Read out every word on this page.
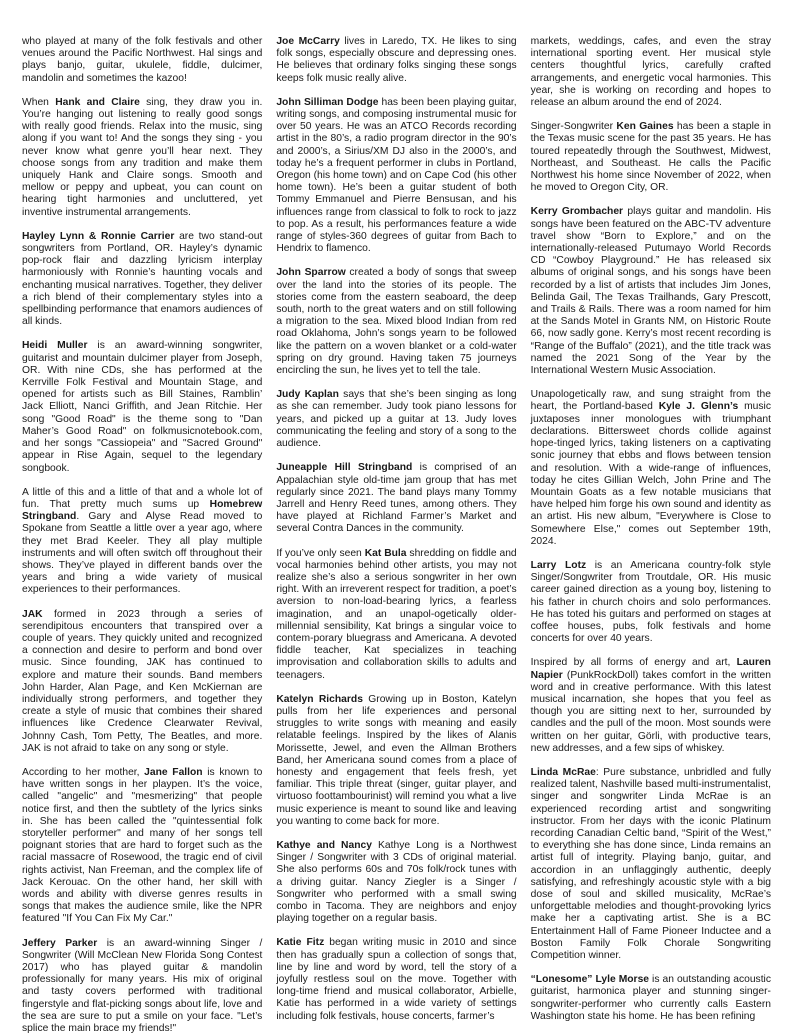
who played at many of the folk festivals and other venues around the Pacific Northwest. Hal sings and plays banjo, guitar, ukulele, fiddle, dulcimer, mandolin and sometimes the kazoo!

When Hank and Claire sing, they draw you in. You’re hanging out listening to really good songs with really good friends. Relax into the music, sing along if you want to! And the songs they sing - you never know what genre you’ll hear next. They choose songs from any tradition and make them uniquely Hank and Claire songs. Smooth and mellow or peppy and upbeat, you can count on hearing tight harmonies and uncluttered, yet inventive instrumental arrangements.

Hayley Lynn & Ronnie Carrier are two stand-out songwriters from Portland, OR. Hayley’s dynamic pop-rock flair and dazzling lyricism interplay harmoniously with Ronnie’s haunting vocals and enchanting musical narratives. Together, they deliver a rich blend of their complementary styles into a spellbinding performance that enamors audiences of all kinds.

Heidi Muller is an award-winning songwriter, guitarist and mountain dulcimer player from Joseph, OR. With nine CDs, she has performed at the Kerrville Folk Festival and Mountain Stage, and opened for artists such as Bill Staines, Ramblin’ Jack Elliott, Nanci Griffith, and Jean Ritchie. Her song "Good Road" is the theme song to "Dan Maher’s Good Road" on folkmusicnotebook.com, and her songs "Cassiopeia" and "Sacred Ground" appear in Rise Again, sequel to the legendary songbook.

A little of this and a little of that and a whole lot of fun. That pretty much sums up Homebrew Stringband. Gary and Alyse Read moved to Spokane from Seattle a little over a year ago, where they met Brad Keeler. They all play multiple instruments and will often switch off throughout their shows. They’ve played in different bands over the years and bring a wide variety of musical experiences to their performances.

JAK formed in 2023 through a series of serendipitous encounters that transpired over a couple of years. They quickly united and recognized a connection and desire to perform and bond over music. Since founding, JAK has continued to explore and mature their sounds. Band members John Harder, Alan Page, and Ken McKiernan are individually strong performers, and together they create a style of music that combines their shared influences like Credence Clearwater Revival, Johnny Cash, Tom Petty, The Beatles, and more. JAK is not afraid to take on any song or style.

According to her mother, Jane Fallon is known to have written songs in her playpen. It’s the voice, called "angelic" and "mesmerizing" that people notice first, and then the subtlety of the lyrics sinks in. She has been called the "quintessential folk storyteller performer" and many of her songs tell poignant stories that are hard to forget such as the racial massacre of Rosewood, the tragic end of civil rights activist, Nan Freeman, and the complex life of Jack Kerouac. On the other hand, her skill with words and ability with diverse genres results in songs that makes the audience smile, like the NPR featured "If You Can Fix My Car."

Jeffery Parker is an award-winning Singer / Songwriter (Will McClean New Florida Song Contest 2017) who has played guitar & mandolin professionally for many years. His mix of original and tasty covers performed with traditional fingerstyle and flat-picking songs about life, love and the sea are sure to put a smile on your face. "Let’s splice the main brace my friends!"

Joe McCarry lives in Laredo, TX. He likes to sing folk songs, especially obscure and depressing ones. He believes that ordinary folks singing these songs keeps folk music really alive.

John Silliman Dodge has been been playing guitar, writing songs, and composing instrumental music for over 50 years. He was an ATCO Records recording artist in the 80’s, a radio program director in the 90’s and 2000’s, a Sirius/XM DJ also in the 2000’s, and today he’s a frequent performer in clubs in Portland, Oregon (his home town) and on Cape Cod (his other home town). He’s been a guitar student of both Tommy Emmanuel and Pierre Bensusan, and his influences range from classical to folk to rock to jazz to pop. As a result, his performances feature a wide range of styles-360 degrees of guitar from Bach to Hendrix to flamenco.

John Sparrow created a body of songs that sweep over the land into the stories of its people. The stories come from the eastern seaboard, the deep south, north to the great waters and on still following a migration to the sea. Mixed blood Indian from red road Oklahoma, John’s songs yearn to be followed like the pattern on a woven blanket or a cold-water spring on dry ground. Having taken 75 journeys encircling the sun, he lives yet to tell the tale.

Judy Kaplan says that she’s been singing as long as she can remember. Judy took piano lessons for years, and picked up a guitar at 13. Judy loves communicating the feeling and story of a song to the audience.

Juneapple Hill Stringband is comprised of an Appalachian style old-time jam group that has met regularly since 2021. The band plays many Tommy Jarrell and Henry Reed tunes, among others. They have played at Richland Farmer’s Market and several Contra Dances in the community.

If you’ve only seen Kat Bula shredding on fiddle and vocal harmonies behind other artists, you may not realize she’s also a serious songwriter in her own right. With an irreverent respect for tradition, a poet’s aversion to non-load-bearing lyrics, a fearless imagination, and an unapol-ogetically older-millennial sensibility, Kat brings a singular voice to contem-porary bluegrass and Americana. A devoted fiddle teacher, Kat specializes in teaching improvisation and collaboration skills to adults and teenagers.

Katelyn Richards Growing up in Boston, Katelyn pulls from her life experiences and personal struggles to write songs with meaning and easily relatable feelings. Inspired by the likes of Alanis Morissette, Jewel, and even the Allman Brothers Band, her Americana sound comes from a place of honesty and engagement that feels fresh, yet familiar. This triple threat (singer, guitar player, and virtuoso foottambourinist) will remind you what a live music experience is meant to sound like and leaving you wanting to come back for more.

Kathye and Nancy Kathye Long is a Northwest Singer / Songwriter with 3 CDs of original material. She also performs 60s and 70s folk/rock tunes with a driving guitar. Nancy Ziegler is a Singer / Songwriter who performed with a small swing combo in Tacoma. They are neighbors and enjoy playing together on a regular basis.

Katie Fitz began writing music in 2010 and since then has gradually spun a collection of songs that, line by line and word by word, tell the story of a joyfully restless soul on the move. Together with long-time friend and musical collaborator, Arbielle, Katie has performed in a wide variety of settings including folk festivals, house concerts, farmer’s

markets, weddings, cafes, and even the stray international sporting event. Her musical style centers thoughtful lyrics, carefully crafted arrangements, and energetic vocal harmonies. This year, she is working on recording and hopes to release an album around the end of 2024.

Singer-Songwriter Ken Gaines has been a staple in the Texas music scene for the past 35 years. He has toured repeatedly through the Southwest, Midwest, Northeast, and Southeast. He calls the Pacific Northwest his home since November of 2022, when he moved to Oregon City, OR.

Kerry Grombacher plays guitar and mandolin. His songs have been featured on the ABC-TV adventure travel show “Born to Explore,” and on the internationally-released Putumayo World Records CD “Cowboy Playground.” He has released six albums of original songs, and his songs have been recorded by a list of artists that includes Jim Jones, Belinda Gail, The Texas Trailhands, Gary Prescott, and Trails & Rails. There was a room named for him at the Sands Motel in Grants NM, on Historic Route 66, now sadly gone. Kerry’s most recent recording is “Range of the Buffalo” (2021), and the title track was named the 2021 Song of the Year by the International Western Music Association.

Unapologetically raw, and sung straight from the heart, the Portland-based Kyle J. Glenn’s music juxtaposes inner monologues with triumphant declarations. Bittersweet chords collide against hope-tinged lyrics, taking listeners on a captivating sonic journey that ebbs and flows between tension and resolution. With a wide-range of influences, today he cites Gillian Welch, John Prine and The Mountain Goats as a few notable musicians that have helped him forge his own sound and identity as an artist. His new album, "Everywhere is Close to Somewhere Else," comes out September 19th, 2024.

Larry Lotz is an Americana country-folk style Singer/Songwriter from Troutdale, OR. His music career gained direction as a young boy, listening to his father in church choirs and solo performances. He has toted his guitars and performed on stages at coffee houses, pubs, folk festivals and home concerts for over 40 years.

Inspired by all forms of energy and art, Lauren Napier (PunkRockDoll) takes comfort in the written word and in creative performance. With this latest musical incarnation, she hopes that you feel as though you are sitting next to her, surrounded by candles and the pull of the moon. Most sounds were written on her guitar, Görli, with productive tears, new addresses, and a few sips of whiskey.

Linda McRae: Pure substance, unbridled and fully realized talent, Nashville based multi-instrumentalist, singer and songwriter Linda McRae is an experienced recording artist and songwriting instructor. From her days with the iconic Platinum recording Canadian Celtic band, “Spirit of the West,” to everything she has done since, Linda remains an artist full of integrity. Playing banjo, guitar, and accordion in an unflaggingly authentic, deeply satisfying, and refreshingly acoustic style with a big dose of soul and skilled musicality, McRae’s unforgettable melodies and thought-provoking lyrics make her a captivating artist. She is a BC Entertainment Hall of Fame Pioneer Inductee and a Boston Family Folk Chorale Songwriting Competition winner.

“Lonesome” Lyle Morse is an outstanding acoustic guitarist, harmonica player and stunning singer-songwriter-performer who currently calls Eastern Washington state his home. He has been refining
